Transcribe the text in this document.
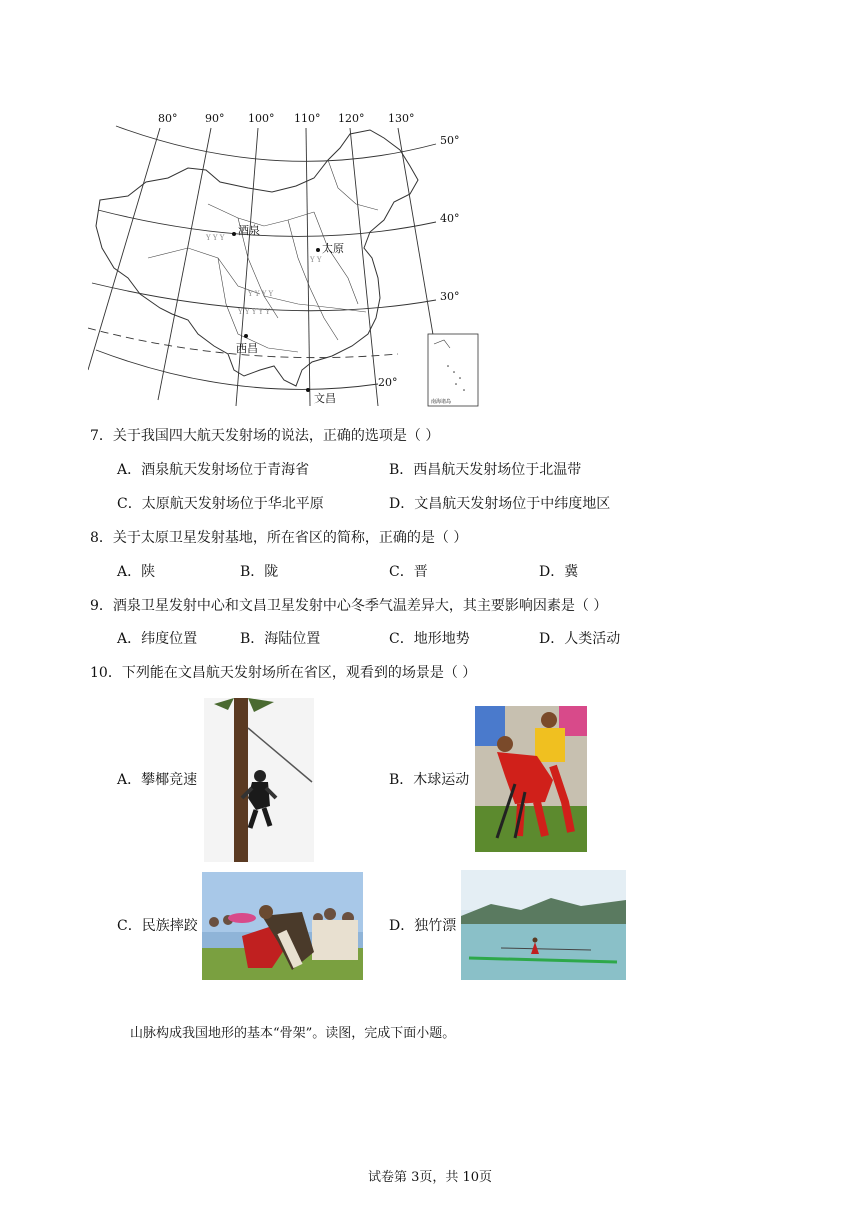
Y Y Y
Y Y
Y Y Y Y
Y Y Y Y Y
80°	90° 100° 110° 120° 130°
50°
40°
30°
20°
酒泉
太原
西昌
文昌	南海诸岛
7．关于我国四大航天发射场的说法，正确的选项是（ ）
A．酒泉航天发射场位于青海省	B．西昌航天发射场位于北温带
C．太原航天发射场位于华北平原	D．文昌航天发射场位于中纬度地区
8．关于太原卫星发射基地，所在省区的简称，正确的是（ ）
A．陕	B．陇	C．晋	D．冀
9．酒泉卫星发射中心和文昌卫星发射中心冬季气温差异大，其主要影响因素是（ ）
A．纬度位置	B．海陆位置	C．地形地势	D．人类活动
10．下列能在文昌航天发射场所在省区，观看到的场景是（ ）
A．攀椰竞速	B．木球运动
C．民族摔跤	D．独竹漂
山脉构成我国地形的基本“骨架”。读图，完成下面小题。
试卷第 3页，共 10页
